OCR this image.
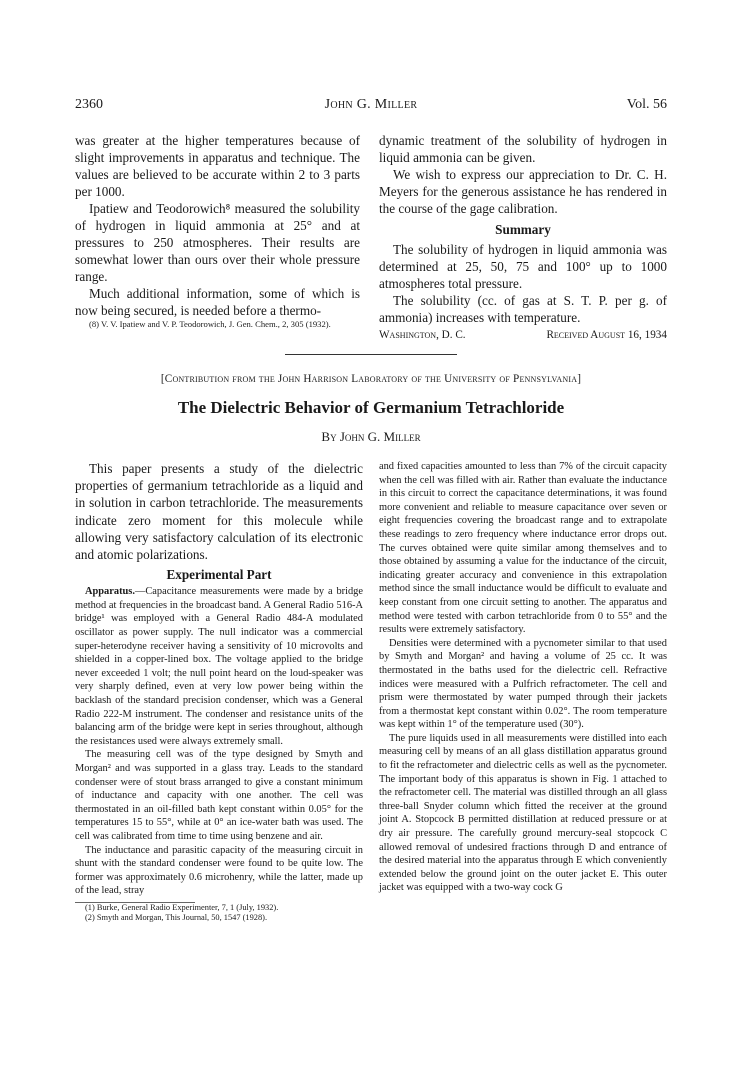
2360	John G. Miller	Vol. 56

was greater at the higher temperatures because of slight improvements in apparatus and technique. The values are believed to be accurate within 2 to 3 parts per 1000.

Ipatiew and Teodorowich⁸ measured the solubility of hydrogen in liquid ammonia at 25° and at pressures to 250 atmospheres. Their results are somewhat lower than ours over their whole pressure range.

Much additional information, some of which is now being secured, is needed before a thermo-

(8) V. V. Ipatiew and V. P. Teodorowich, J. Gen. Chem., 2, 305 (1932).

dynamic treatment of the solubility of hydrogen in liquid ammonia can be given.

We wish to express our appreciation to Dr. C. H. Meyers for the generous assistance he has rendered in the course of the gage calibration.

Summary

The solubility of hydrogen in liquid ammonia was determined at 25, 50, 75 and 100° up to 1000 atmospheres total pressure.

The solubility (cc. of gas at S. T. P. per g. of ammonia) increases with temperature.

Washington, D. C.	Received August 16, 1934
[Contribution from the John Harrison Laboratory of the University of Pennsylvania]
The Dielectric Behavior of Germanium Tetrachloride
By John G. Miller

This paper presents a study of the dielectric properties of germanium tetrachloride as a liquid and in solution in carbon tetrachloride. The measurements indicate zero moment for this molecule while allowing very satisfactory calculation of its electronic and atomic polarizations.

Experimental Part

Apparatus.—Capacitance measurements were made by a bridge method at frequencies in the broadcast band. A General Radio 516-A bridge¹ was employed with a General Radio 484-A modulated oscillator as power supply. The null indicator was a commercial super-heterodyne receiver having a sensitivity of 10 microvolts and shielded in a copper-lined box. The voltage applied to the bridge never exceeded 1 volt; the null point heard on the loud-speaker was very sharply defined, even at very low power being within the backlash of the standard precision condenser, which was a General Radio 222-M instrument. The condenser and resistance units of the balancing arm of the bridge were kept in series throughout, although the resistances used were always extremely small.

The measuring cell was of the type designed by Smyth and Morgan² and was supported in a glass tray. Leads to the standard condenser were of stout brass arranged to give a constant minimum of inductance and capacity with one another. The cell was thermostated in an oil-filled bath kept constant within 0.05° for the temperatures 15 to 55°, while at 0° an ice-water bath was used. The cell was calibrated from time to time using benzene and air.

The inductance and parasitic capacity of the measuring circuit in shunt with the standard condenser were found to be quite low. The former was approximately 0.6 microhenry, while the latter, made up of the lead, stray

(1) Burke, General Radio Experimenter, 7, 1 (July, 1932).

(2) Smyth and Morgan, This Journal, 50, 1547 (1928).

and fixed capacities amounted to less than 7% of the circuit capacity when the cell was filled with air. Rather than evaluate the inductance in this circuit to correct the capacitance determinations, it was found more convenient and reliable to measure capacitance over seven or eight frequencies covering the broadcast range and to extrapolate these readings to zero frequency where inductance error drops out. The curves obtained were quite similar among themselves and to those obtained by assuming a value for the inductance of the circuit, indicating greater accuracy and convenience in this extrapolation method since the small inductance would be difficult to evaluate and keep constant from one circuit setting to another. The apparatus and method were tested with carbon tetrachloride from 0 to 55° and the results were extremely satisfactory.

Densities were determined with a pycnometer similar to that used by Smyth and Morgan² and having a volume of 25 cc. It was thermostated in the baths used for the dielectric cell. Refractive indices were measured with a Pulfrich refractometer. The cell and prism were thermostated by water pumped through their jackets from a thermostat kept constant within 0.02°. The room temperature was kept within 1° of the temperature used (30°).

The pure liquids used in all measurements were distilled into each measuring cell by means of an all glass distillation apparatus ground to fit the refractometer and dielectric cells as well as the pycnometer. The important body of this apparatus is shown in Fig. 1 attached to the refractometer cell. The material was distilled through an all glass three-ball Snyder column which fitted the receiver at the ground joint A. Stopcock B permitted distillation at reduced pressure or at dry air pressure. The carefully ground mercury-seal stopcock C allowed removal of undesired fractions through D and entrance of the desired material into the apparatus through E which conveniently extended below the ground joint on the outer jacket E. This outer jacket was equipped with a two-way cock G
